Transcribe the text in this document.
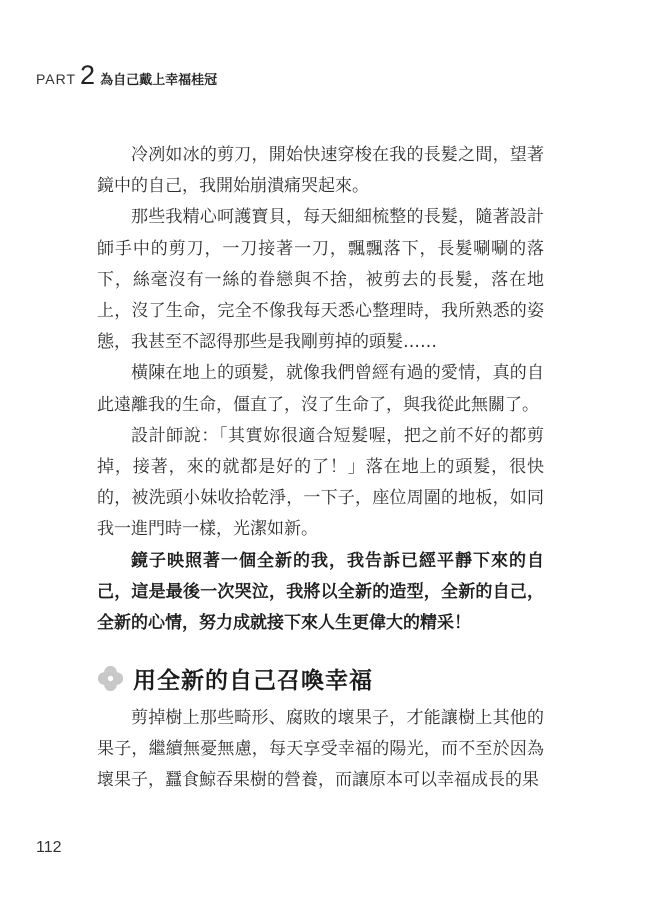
PART 2 為自己戴上幸福桂冠

冷冽如冰的剪刀，開始快速穿梭在我的長髮之間，望著鏡中的自己，我開始崩潰痛哭起來。

那些我精心呵護寶貝，每天細細梳整的長髮，隨著設計師手中的剪刀，一刀接著一刀，飄飄落下，長髮唰唰的落下，絲毫沒有一絲的眷戀與不捨，被剪去的長髮，落在地上，沒了生命，完全不像我每天悉心整理時，我所熟悉的姿態，我甚至不認得那些是我剛剪掉的頭髮……

橫陳在地上的頭髮，就像我們曾經有過的愛情，真的自此遠離我的生命，僵直了，沒了生命了，與我從此無關了。

設計師說：「其實妳很適合短髮喔，把之前不好的都剪掉，接著，來的就都是好的了！」落在地上的頭髮，很快的，被洗頭小妹收拾乾淨，一下子，座位周圍的地板，如同我一進門時一樣，光潔如新。

鏡子映照著一個全新的我，我告訴已經平靜下來的自己，這是最後一次哭泣，我將以全新的造型，全新的自己，全新的心情，努力成就接下來人生更偉大的精采！

用全新的自己召喚幸福

剪掉樹上那些畸形、腐敗的壞果子，才能讓樹上其他的果子，繼續無憂無慮，每天享受幸福的陽光，而不至於因為壞果子，蠶食鯨吞果樹的營養，而讓原本可以幸福成長的果

112
